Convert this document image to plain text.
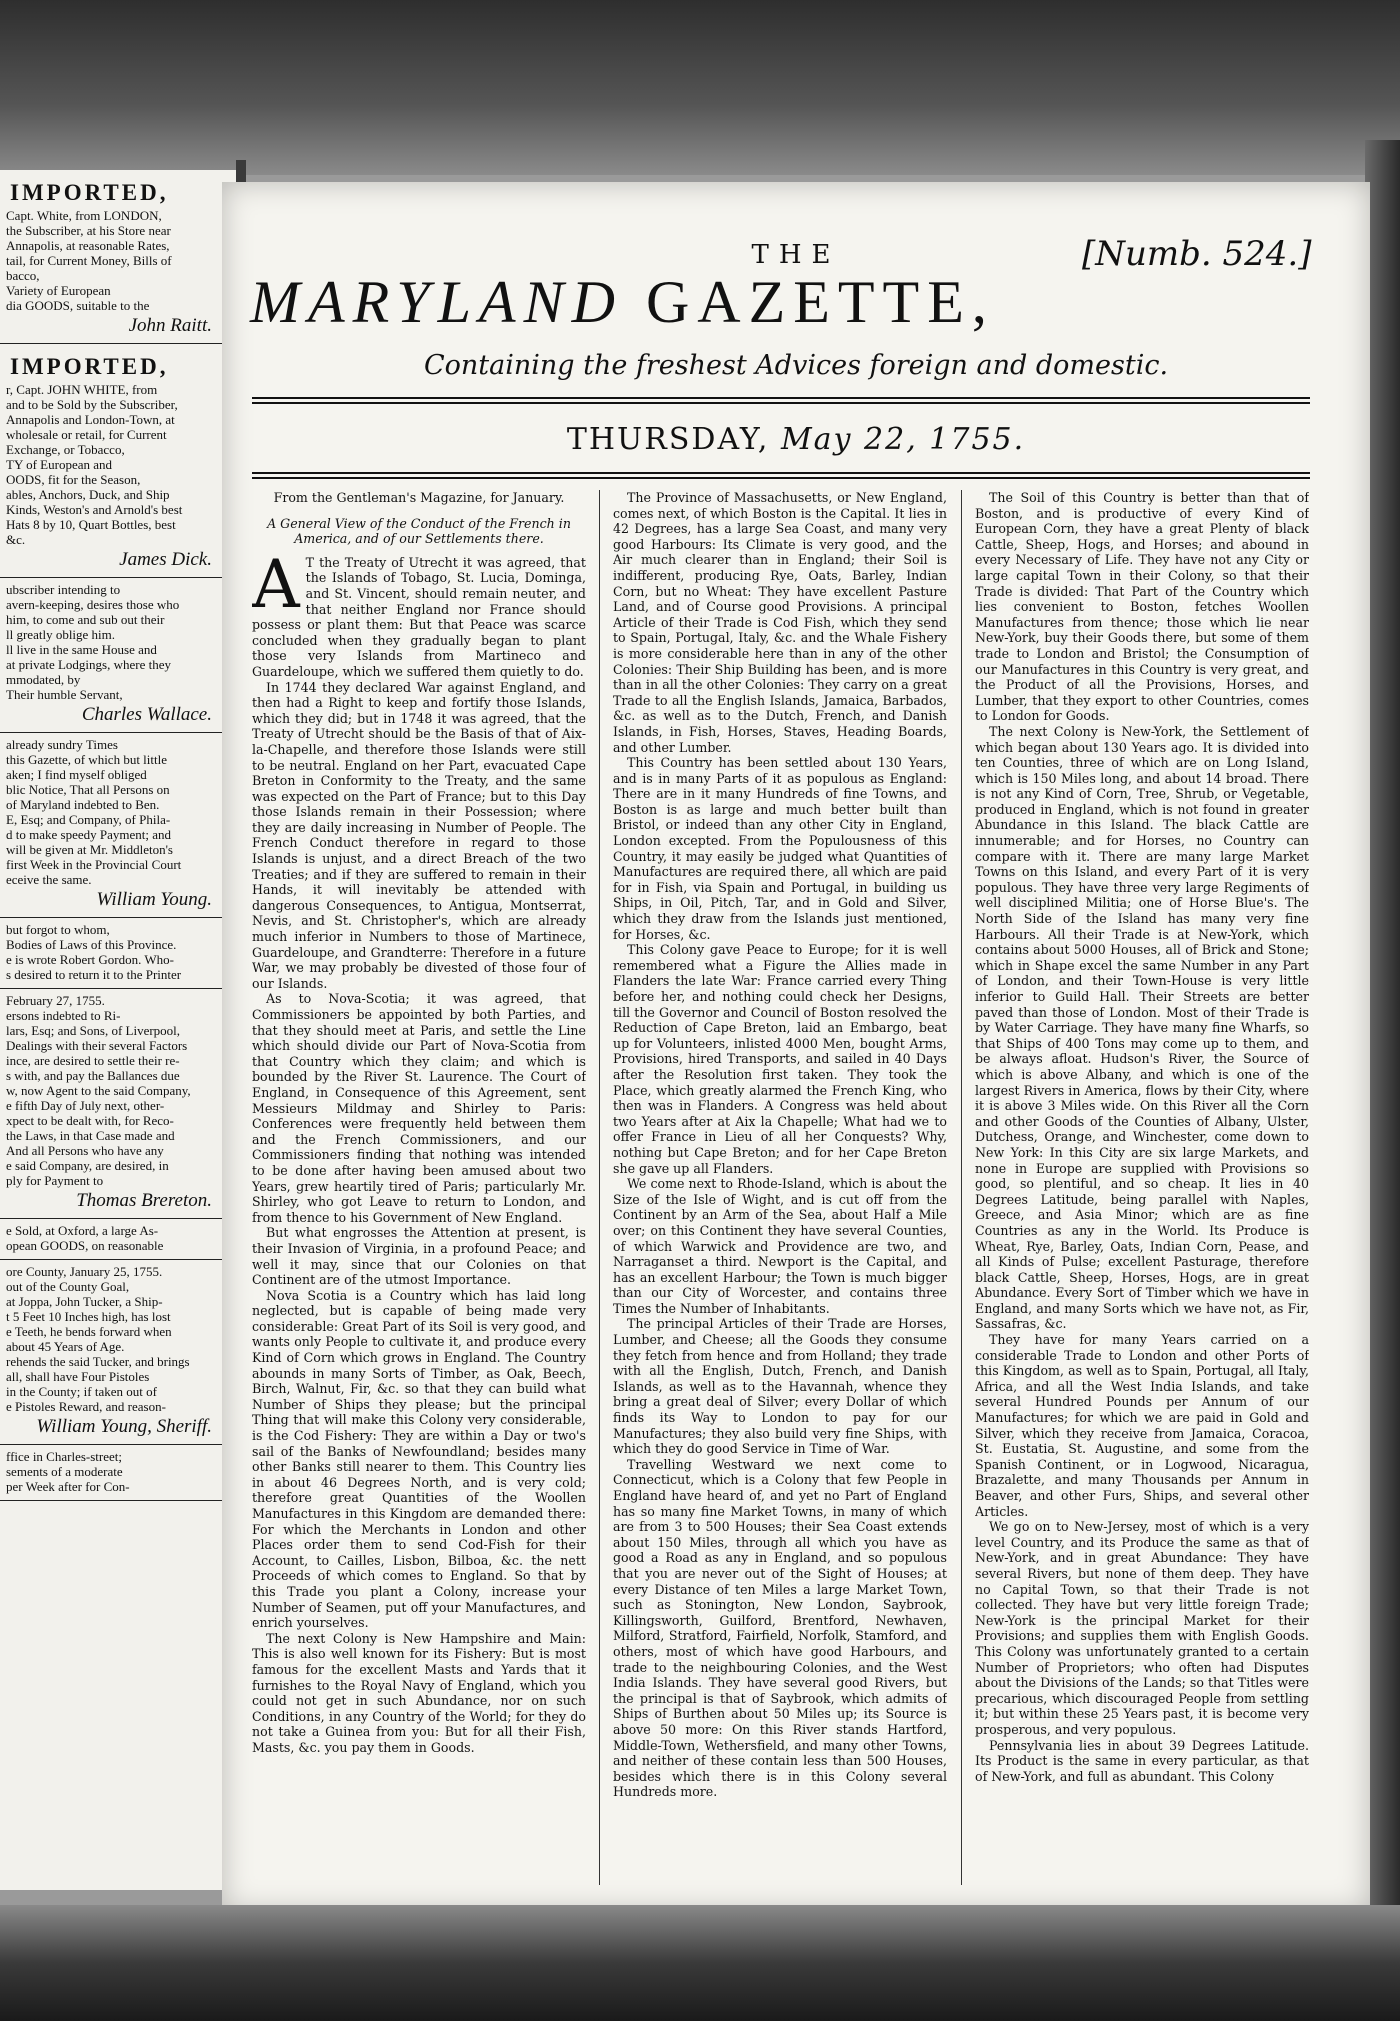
IMPORTED,
Capt. White, from LONDON,
the Subscriber, at his Store near
Annapolis, at reasonable Rates,
tail, for Current Money, Bills of
bacco,
Variety of European
dia GOODS, suitable to the
John Raitt.
IMPORTED,
r, Capt. JOHN WHITE, from
and to be Sold by the Subscriber,
Annapolis and London-Town, at
wholesale or retail, for Current
Exchange, or Tobacco,
TY of European and
OODS, fit for the Season,
ables, Anchors, Duck, and Ship
Kinds, Weston's and Arnold's best
Hats 8 by 10, Quart Bottles, best
&c.
James Dick.
ubscriber intending to
avern-keeping, desires those who
him, to come and sub out their
ll greatly oblige him.
ll live in the same House and
at private Lodgings, where they
mmodated, by
Their humble Servant,
Charles Wallace.
already sundry Times
this Gazette, of which but little
aken; I find myself obliged
blic Notice, That all Persons on
of Maryland indebted to Ben.
E, Esq; and Company, of Phila-
d to make speedy Payment; and
will be given at Mr. Middleton's
first Week in the Provincial Court
eceive the same.
William Young.
but forgot to whom,
Bodies of Laws of this Province.
e is wrote Robert Gordon. Who-
s desired to return it to the Printer
February 27, 1755.
ersons indebted to Ri-
lars, Esq; and Sons, of Liverpool,
Dealings with their several Factors
ince, are desired to settle their re-
s with, and pay the Ballances due
w, now Agent to the said Company,
e fifth Day of July next, other-
xpect to be dealt with, for Reco-
the Laws, in that Case made and
And all Persons who have any
e said Company, are desired, in
ply for Payment to
Thomas Brereton.
e Sold, at Oxford, a large As-
opean GOODS, on reasonable
ore County, January 25, 1755.
out of the County Goal,
at Joppa, John Tucker, a Ship-
t 5 Feet 10 Inches high, has lost
e Teeth, he bends forward when
about 45 Years of Age.
rehends the said Tucker, and brings
all, shall have Four Pistoles
in the County; if taken out of
e Pistoles Reward, and reason-
William Young, Sheriff.
ffice in Charles-street;
sements of a moderate
per Week after for Con-
THE	[Numb. 524.]
MARYLAND GAZETTE,
Containing the freshest Advices foreign and domestic.
THURSDAY, May 22, 1755.

From the Gentleman's Magazine, for January.

A General View of the Conduct of the French in America, and of our Settlements there.

A T the Treaty of Utrecht it was agreed, that the Islands of Tobago, St. Lucia, Dominga, and St. Vincent, should remain neuter, and that neither England nor France should possess or plant them: But that Peace was scarce concluded when they gradually began to plant those very Islands from Martineco and Guardeloupe, which we suffered them quietly to do.

In 1744 they declared War against England, and then had a Right to keep and fortify those Islands, which they did; but in 1748 it was agreed, that the Treaty of Utrecht should be the Basis of that of Aix-la-Chapelle, and therefore those Islands were still to be neutral. England on her Part, evacuated Cape Breton in Conformity to the Treaty, and the same was expected on the Part of France; but to this Day those Islands remain in their Possession; where they are daily increasing in Number of People. The French Conduct therefore in regard to those Islands is unjust, and a direct Breach of the two Treaties; and if they are suffered to remain in their Hands, it will inevitably be attended with dangerous Consequences, to Antigua, Montserrat, Nevis, and St. Christopher's, which are already much inferior in Numbers to those of Martinece, Guardeloupe, and Grandterre: Therefore in a future War, we may probably be divested of those four of our Islands.

As to Nova-Scotia; it was agreed, that Commissioners be appointed by both Parties, and that they should meet at Paris, and settle the Line which should divide our Part of Nova-Scotia from that Country which they claim; and which is bounded by the River St. Laurence. The Court of England, in Consequence of this Agreement, sent Messieurs Mildmay and Shirley to Paris: Conferences were frequently held between them and the French Commissioners, and our Commissioners finding that nothing was intended to be done after having been amused about two Years, grew heartily tired of Paris; particularly Mr. Shirley, who got Leave to return to London, and from thence to his Government of New England.

But what engrosses the Attention at present, is their Invasion of Virginia, in a profound Peace; and well it may, since that our Colonies on that Continent are of the utmost Importance.

Nova Scotia is a Country which has laid long neglected, but is capable of being made very considerable: Great Part of its Soil is very good, and wants only People to cultivate it, and produce every Kind of Corn which grows in England. The Country abounds in many Sorts of Timber, as Oak, Beech, Birch, Walnut, Fir, &c. so that they can build what Number of Ships they please; but the principal Thing that will make this Colony very considerable, is the Cod Fishery: They are within a Day or two's sail of the Banks of Newfoundland; besides many other Banks still nearer to them. This Country lies in about 46 Degrees North, and is very cold; therefore great Quantities of the Woollen Manufactures in this Kingdom are demanded there: For which the Merchants in London and other Places order them to send Cod-Fish for their Account, to Cailles, Lisbon, Bilboa, &c. the nett Proceeds of which comes to England. So that by this Trade you plant a Colony, increase your Number of Seamen, put off your Manufactures, and enrich yourselves.

The next Colony is New Hampshire and Main: This is also well known for its Fishery: But is most famous for the excellent Masts and Yards that it furnishes to the Royal Navy of England, which you could not get in such Abundance, nor on such Conditions, in any Country of the World; for they do not take a Guinea from you: But for all their Fish, Masts, &c. you pay them in Goods.

The Province of Massachusetts, or New England, comes next, of which Boston is the Capital. It lies in 42 Degrees, has a large Sea Coast, and many very good Harbours: Its Climate is very good, and the Air much clearer than in England; their Soil is indifferent, producing Rye, Oats, Barley, Indian Corn, but no Wheat: They have excellent Pasture Land, and of Course good Provisions. A principal Article of their Trade is Cod Fish, which they send to Spain, Portugal, Italy, &c. and the Whale Fishery is more considerable here than in any of the other Colonies: Their Ship Building has been, and is more than in all the other Colonies: They carry on a great Trade to all the English Islands, Jamaica, Barbados, &c. as well as to the Dutch, French, and Danish Islands, in Fish, Horses, Staves, Heading Boards, and other Lumber.

This Country has been settled about 130 Years, and is in many Parts of it as populous as England: There are in it many Hundreds of fine Towns, and Boston is as large and much better built than Bristol, or indeed than any other City in England, London excepted. From the Populousness of this Country, it may easily be judged what Quantities of Manufactures are required there, all which are paid for in Fish, via Spain and Portugal, in building us Ships, in Oil, Pitch, Tar, and in Gold and Silver, which they draw from the Islands just mentioned, for Horses, &c.

This Colony gave Peace to Europe; for it is well remembered what a Figure the Allies made in Flanders the late War: France carried every Thing before her, and nothing could check her Designs, till the Governor and Council of Boston resolved the Reduction of Cape Breton, laid an Embargo, beat up for Volunteers, inlisted 4000 Men, bought Arms, Provisions, hired Transports, and sailed in 40 Days after the Resolution first taken. They took the Place, which greatly alarmed the French King, who then was in Flanders. A Congress was held about two Years after at Aix la Chapelle; What had we to offer France in Lieu of all her Conquests? Why, nothing but Cape Breton; and for her Cape Breton she gave up all Flanders.

We come next to Rhode-Island, which is about the Size of the Isle of Wight, and is cut off from the Continent by an Arm of the Sea, about Half a Mile over; on this Continent they have several Counties, of which Warwick and Providence are two, and Narraganset a third. Newport is the Capital, and has an excellent Harbour; the Town is much bigger than our City of Worcester, and contains three Times the Number of Inhabitants.

The principal Articles of their Trade are Horses, Lumber, and Cheese; all the Goods they consume they fetch from hence and from Holland; they trade with all the English, Dutch, French, and Danish Islands, as well as to the Havannah, whence they bring a great deal of Silver; every Dollar of which finds its Way to London to pay for our Manufactures; they also build very fine Ships, with which they do good Service in Time of War.

Travelling Westward we next come to Connecticut, which is a Colony that few People in England have heard of, and yet no Part of England has so many fine Market Towns, in many of which are from 3 to 500 Houses; their Sea Coast extends about 150 Miles, through all which you have as good a Road as any in England, and so populous that you are never out of the Sight of Houses; at every Distance of ten Miles a large Market Town, such as Stonington, New London, Saybrook, Killingsworth, Guilford, Brentford, Newhaven, Milford, Stratford, Fairfield, Norfolk, Stamford, and others, most of which have good Harbours, and trade to the neighbouring Colonies, and the West India Islands. They have several good Rivers, but the principal is that of Saybrook, which admits of Ships of Burthen about 50 Miles up; its Source is above 50 more: On this River stands Hartford, Middle-Town, Wethersfield, and many other Towns, and neither of these contain less than 500 Houses, besides which there is in this Colony several Hundreds more.

The Soil of this Country is better than that of Boston, and is productive of every Kind of European Corn, they have a great Plenty of black Cattle, Sheep, Hogs, and Horses; and abound in every Necessary of Life. They have not any City or large capital Town in their Colony, so that their Trade is divided: That Part of the Country which lies convenient to Boston, fetches Woollen Manufactures from thence; those which lie near New-York, buy their Goods there, but some of them trade to London and Bristol; the Consumption of our Manufactures in this Country is very great, and the Product of all the Provisions, Horses, and Lumber, that they export to other Countries, comes to London for Goods.

The next Colony is New-York, the Settlement of which began about 130 Years ago. It is divided into ten Counties, three of which are on Long Island, which is 150 Miles long, and about 14 broad. There is not any Kind of Corn, Tree, Shrub, or Vegetable, produced in England, which is not found in greater Abundance in this Island. The black Cattle are innumerable; and for Horses, no Country can compare with it. There are many large Market Towns on this Island, and every Part of it is very populous. They have three very large Regiments of well disciplined Militia; one of Horse Blue's. The North Side of the Island has many very fine Harbours. All their Trade is at New-York, which contains about 5000 Houses, all of Brick and Stone; which in Shape excel the same Number in any Part of London, and their Town-House is very little inferior to Guild Hall. Their Streets are better paved than those of London. Most of their Trade is by Water Carriage. They have many fine Wharfs, so that Ships of 400 Tons may come up to them, and be always afloat. Hudson's River, the Source of which is above Albany, and which is one of the largest Rivers in America, flows by their City, where it is above 3 Miles wide. On this River all the Corn and other Goods of the Counties of Albany, Ulster, Dutchess, Orange, and Winchester, come down to New York: In this City are six large Markets, and none in Europe are supplied with Provisions so good, so plentiful, and so cheap. It lies in 40 Degrees Latitude, being parallel with Naples, Greece, and Asia Minor; which are as fine Countries as any in the World. Its Produce is Wheat, Rye, Barley, Oats, Indian Corn, Pease, and all Kinds of Pulse; excellent Pasturage, therefore black Cattle, Sheep, Horses, Hogs, are in great Abundance. Every Sort of Timber which we have in England, and many Sorts which we have not, as Fir, Sassafras, &c.

They have for many Years carried on a considerable Trade to London and other Ports of this Kingdom, as well as to Spain, Portugal, all Italy, Africa, and all the West India Islands, and take several Hundred Pounds per Annum of our Manufactures; for which we are paid in Gold and Silver, which they receive from Jamaica, Coracoa, St. Eustatia, St. Augustine, and some from the Spanish Continent, or in Logwood, Nicaragua, Brazalette, and many Thousands per Annum in Beaver, and other Furs, Ships, and several other Articles.

We go on to New-Jersey, most of which is a very level Country, and its Produce the same as that of New-York, and in great Abundance: They have several Rivers, but none of them deep. They have no Capital Town, so that their Trade is not collected. They have but very little foreign Trade; New-York is the principal Market for their Provisions; and supplies them with English Goods. This Colony was unfortunately granted to a certain Number of Proprietors; who often had Disputes about the Divisions of the Lands; so that Titles were precarious, which discouraged People from settling it; but within these 25 Years past, it is become very prosperous, and very populous.

Pennsylvania lies in about 39 Degrees Latitude. Its Product is the same in every particular, as that of New-York, and full as abundant. This Colony
